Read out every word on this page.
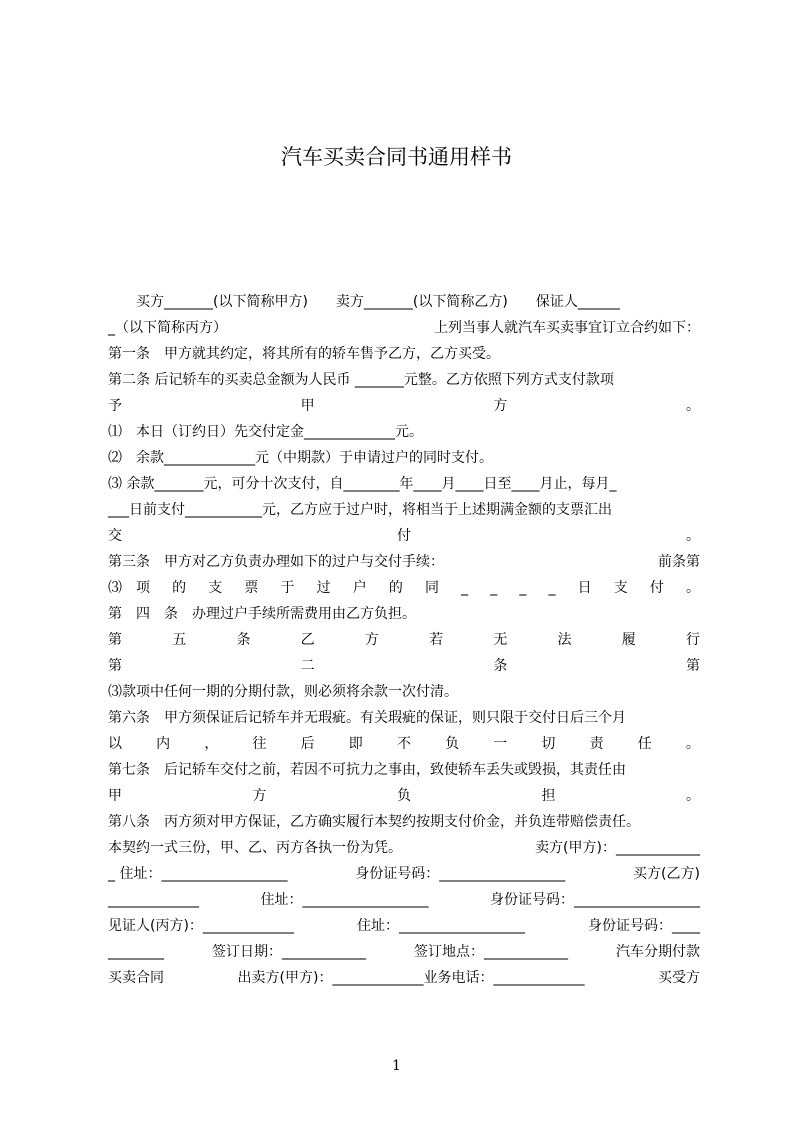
汽车买卖合同书通用样书
　　买方_______(以下简称甲方)　　卖方_______(以下简称乙方)　　保证人______
_（以下简称丙方）	上列当事人就汽车买卖事宜订立合约如下：
第一条　甲方就其约定，将其所有的轿车售予乙方，乙方买受。
第二条 后记轿车的买卖总金额为人民币 _______元整。乙方依照下列方式支付款项
予	甲	方	。
⑴　本日（订约日）先交付定金_____________元。
⑵　余款_____________元（中期款）于申请过户的同时支付。
⑶ 余款_______元，可分十次支付，自________年____月____日至____月止，每月_
___日前支付___________元，乙方应于过户时，将相当于上述期满金额的支票汇出
交	付	。
第三条　甲方对乙方负责办理如下的过户与交付手续：	前条第
⑶　项 的 支 票 于 过 户 的 同 _ _ _ _ 日 支 付 。
第　四　条　办理过户手续所需费用由乙方负担。
第	五	条	乙	方	若	无	法	履	行
第	二	条	第
⑶款项中任何一期的分期付款，则必须将余款一次付清。
第六条　甲方须保证后记轿车并无瑕疵。有关瑕疵的保证，则只限于交付日后三个月
以 内 ， 往 后 即 不 负 一 切 责 任 。
第七条　后记轿车交付之前，若因不可抗力之事由，致使轿车丢失或毁损，其责任由
甲	方	负	担	。
第八条　丙方须对甲方保证，乙方确实履行本契约按期支付价金，并负连带赔偿责任。
本契约一式三份，甲、乙、丙方各执一份为凭。	卖方(甲方)：____________
_ 住址：__________________	身份证号码：__________________	买方(乙方)
_____________	住址：__________________	身份证号码：__________________
见证人(丙方)：_____________	住址：__________________	身份证号码：____
________	签订日期：____________	签订地点：____________	汽车分期付款
买卖合同	出卖方(甲方)：_____________业务电话：_____________	买受方
1
